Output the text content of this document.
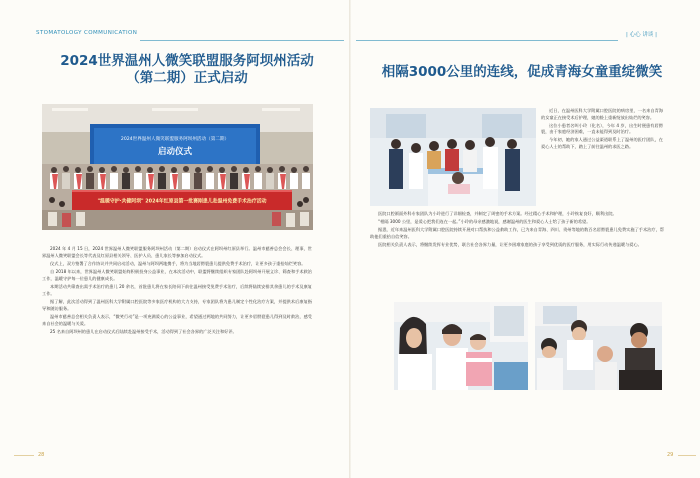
STOMATOLOGY COMMUNICATION	| 心心 讲谈 |
2024世界温州人微笑联盟服务阿坝州活动
（第二期）正式启动
2024世界温州人微笑联盟服务阿坝州活动（第二期）
启动仪式
"温暖守护·共健阿坝" 2024年红原县第一批赛刚患儿赴温州免费手术治疗活动

2024 年 4 月 15 日，2024 世界温州人微笑联盟服务阿坝州活动（第二期）启动仪式在阿坝州红原县举行。温州市慈善总会会长、理事，世界温州人微笑联盟会长等代表及红原县相关领导、医护人员、患儿家长等参加启动仪式。

仪式上，双方签署了合作协议并共同启动活动，温州与阿坝两地携手，将为当地唇腭裂患儿提供免费手术治疗，让更多孩子重拾灿烂笑容。

自 2018 年以来，世界温州人微笑联盟始终积极投身公益事业，在本次活动中，联盟将继续组织专家团队赴阿坝州开展义诊、筛查和手术救治工作，温暖守护每一位患儿的健康成长。

本期活动共筛查出需手术治疗的患儿 20 余名，首批患儿将在家长陪同下前往温州接受免费手术治疗，后续将陆续安排其余患儿的手术及康复工作。

据了解，此次活动得到了温州医科大学附属口腔医院等多家医疗机构的大力支持，专家团队将为患儿制定个性化治疗方案，并提供术后康复指导和随访服务。

温州市慈善总会相关负责人表示，“微笑行动”是一项充满爱心的公益事业，希望通过两地的共同努力，让更多唇腭裂患儿得到及时救治，感受来自社会的温暖与关爱。

25 名来自阿坝州的患儿在启动仪式后陆续赴温州接受手术，活动得到了社会各界的广泛关注和好评。

28
相隔3000公里的连线，促成青海女童重绽微笑

近日，在温州医科大学附属口腔医院的病房里，一名来自青海的女童正在接受术后护理，她的脸上重新绽放出灿烂的笑容。

这位小患者名叫小玲（化名），今年 4 岁，出生时便患有唇腭裂，由于家庭经济困难，一直未能得到及时治疗。

今年初，她的家人通过公益渠道联系上了温州的医疗团队，在爱心人士的帮助下，踏上了前往温州的求医之路。

医院口腔颌面外科专家团队为小玲进行了详细检查，并制定了周密的手术方案。经过精心手术和护理，小玲恢复良好，顺利出院。

“相隔 3000 公里，是爱心把我们连在一起。”小玲的母亲感激地说，感谢温州的医生和爱心人士给了孩子新的希望。

据悉，近年来温州医科大学附属口腔医院持续开展对口帮扶和公益救助工作，已为来自青海、四川、贵州等地的数百名唇腭裂患儿免费实施了手术治疗，帮助他们重拾自信笑容。

医院相关负责人表示，将继续发挥专业优势，联合社会各界力量，让更多困难家庭的孩子享受到优质的医疗服务，用实际行动传递温暖与爱心。

29
